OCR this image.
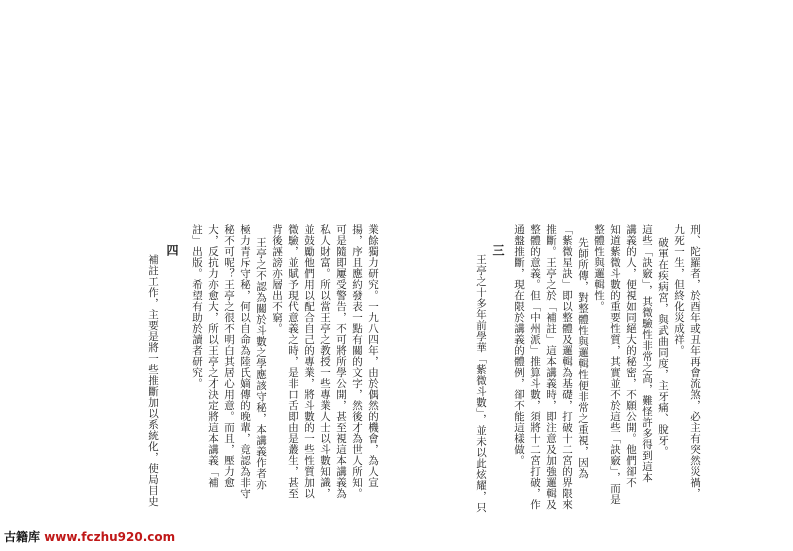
刑、陀羅者，於酉年或丑年再會流煞，必主有突然災禍，
九死一生，但終化災成祥。
破軍在疾病宮，與武曲同度，主牙痛、脫牙。
這些「訣竅」，其微驗性非常之高，難怪許多得到這本
講義的人，便視如同絕大的秘密，不願公開。他們卻不
知道紫微斗數的重要性質，其實並不於這些「訣竅」，而是
整體性與邏輯性。
先師所傳，對整體性與邏輯性便非常之重視，因為
「紫微星訣」即以整體及邏輯為基礎，打破十二宮的界限來
推斷。王亭之於「補註」這本講義時，即注意及加強邏輯及
整體的意義。但「中州派」推算斗數，須將十二宮打破，作
通盤推斷，現在限於講義的體例，卻不能這樣做。
三
王亭之十多年前學華「紫微斗數」，並未以此炫耀，只
業餘獨力研究。一九八四年，由於偶然的機會，為人宣
揚，序且應約發表一點有關的文字，然後才為世人所知。
可是隨即屢受警告，不可將所學公開，甚至視這本講義為
私人財富。所以當王亭之教授一些專業人士以斗數知識，
並鼓勵他們用以配合自己的專業，將斗數的一些性質加以
微驗，並賦予現代意義之時，是非口舌即由是叢生，甚至
背後誣謗亦層出不窮。
王亭之不認為關於斗數之學應該守秘，本講義作者亦
極力青斥守秘，何以自命為陸氏嫡傳的晚輩，竟認為非守
秘不可呢？王亭之很不明白其居心用意。而且，壓力愈
大，反抗力亦愈大，所以王亭之才決定將這本講義「補
註」出版。希望有助於讀者研究。
四
補註工作，主要是將一些推斷加以系統化，使局目史
古籍库 www.fczhu920.com
